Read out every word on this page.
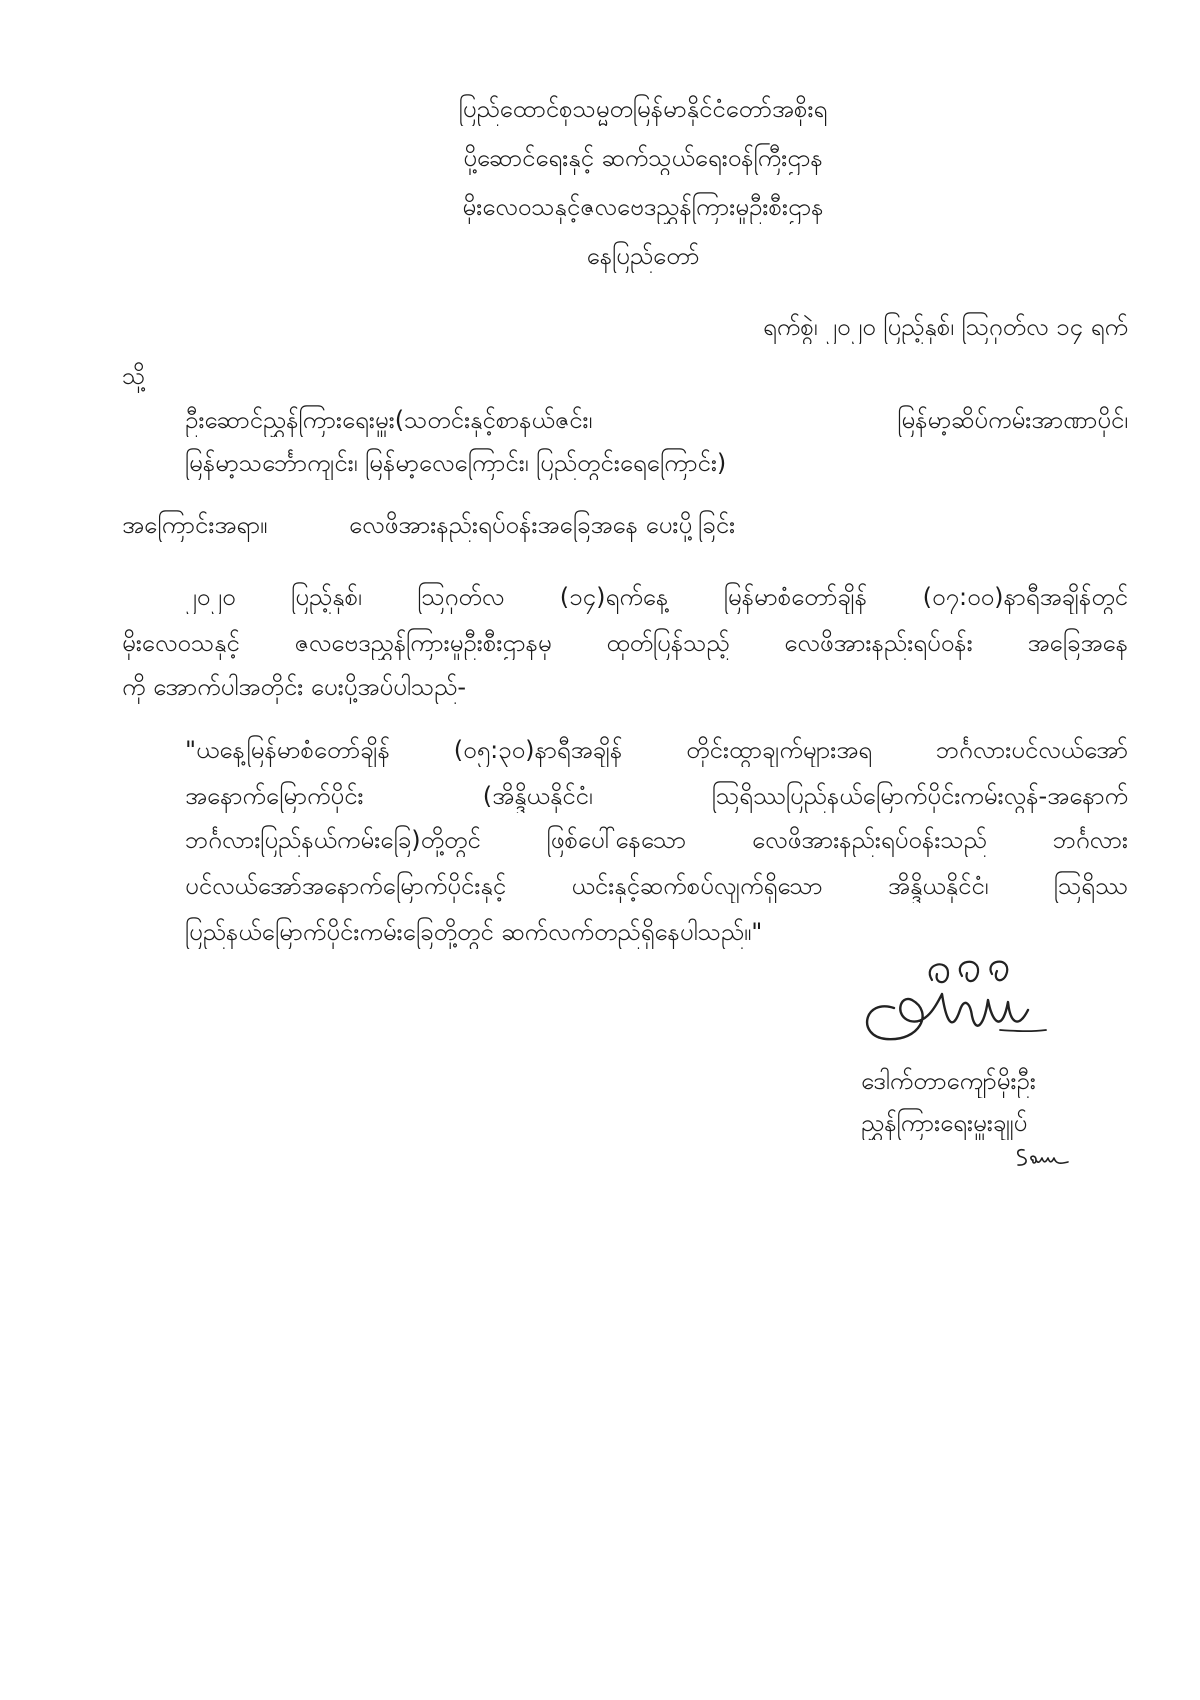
ပြည်ထောင်စုသမ္မတမြန်မာနိုင်ငံတော်အစိုးရ
ပို့ဆောင်ရေးနှင့် ဆက်သွယ်ရေးဝန်ကြီးဌာန
မိုးလေဝသနှင့်ဇလဗေဒညွှန်ကြားမှုဦးစီးဌာန
နေပြည်တော်
ရက်စွဲ၊ ၂၀၂၀ ပြည့်နှစ်၊ ဩဂုတ်လ ၁၄ ရက်
သို့
ဦးဆောင်ညွှန်ကြားရေးမှူး(သတင်းနှင့်စာနယ်ဇင်း၊ မြန်မာ့ဆိပ်ကမ်းအာဏာပိုင်၊
မြန်မာ့သင်္ဘောကျင်း၊ မြန်မာ့လေကြောင်း၊ ပြည်တွင်းရေကြောင်း)
အကြောင်းအရာ။	လေဖိအားနည်းရပ်ဝန်းအခြေအနေ ပေးပို့ခြင်း
၂၀၂၀ ပြည့်နှစ်၊ ဩဂုတ်လ (၁၄)ရက်နေ့ မြန်မာစံတော်ချိန် (၀၇:၀၀)နာရီအချိန်တွင်
မိုးလေဝသနှင့် ဇလဗေဒညွှန်ကြားမှုဦးစီးဌာနမှ ထုတ်ပြန်သည့် လေဖိအားနည်းရပ်ဝန်း အခြေအနေ
ကို အောက်ပါအတိုင်း ပေးပို့အပ်ပါသည်-
"ယနေ့မြန်မာစံတော်ချိန် (၀၅:၃၀)နာရီအချိန် တိုင်းထွာချက်များအရ ဘင်္ဂလားပင်လယ်အော်
အနောက်မြောက်ပိုင်း (အိန္ဒိယနိုင်ငံ၊ ဩရိဿပြည်နယ်မြောက်ပိုင်းကမ်းလွန်-အနောက်
ဘင်္ဂလားပြည်နယ်ကမ်းခြေ)တို့တွင် ဖြစ်ပေါ်နေသော လေဖိအားနည်းရပ်ဝန်းသည် ဘင်္ဂလား
ပင်လယ်အော်အနောက်မြောက်ပိုင်းနှင့် ယင်းနှင့်ဆက်စပ်လျက်ရှိသော အိန္ဒိယနိုင်ငံ၊ ဩရိဿ
ပြည်နယ်မြောက်ပိုင်းကမ်းခြေတို့တွင် ဆက်လက်တည်ရှိနေပါသည်။"
ဒေါက်တာကျော်မိုးဦး
ညွှန်ကြားရေးမှူးချုပ်
